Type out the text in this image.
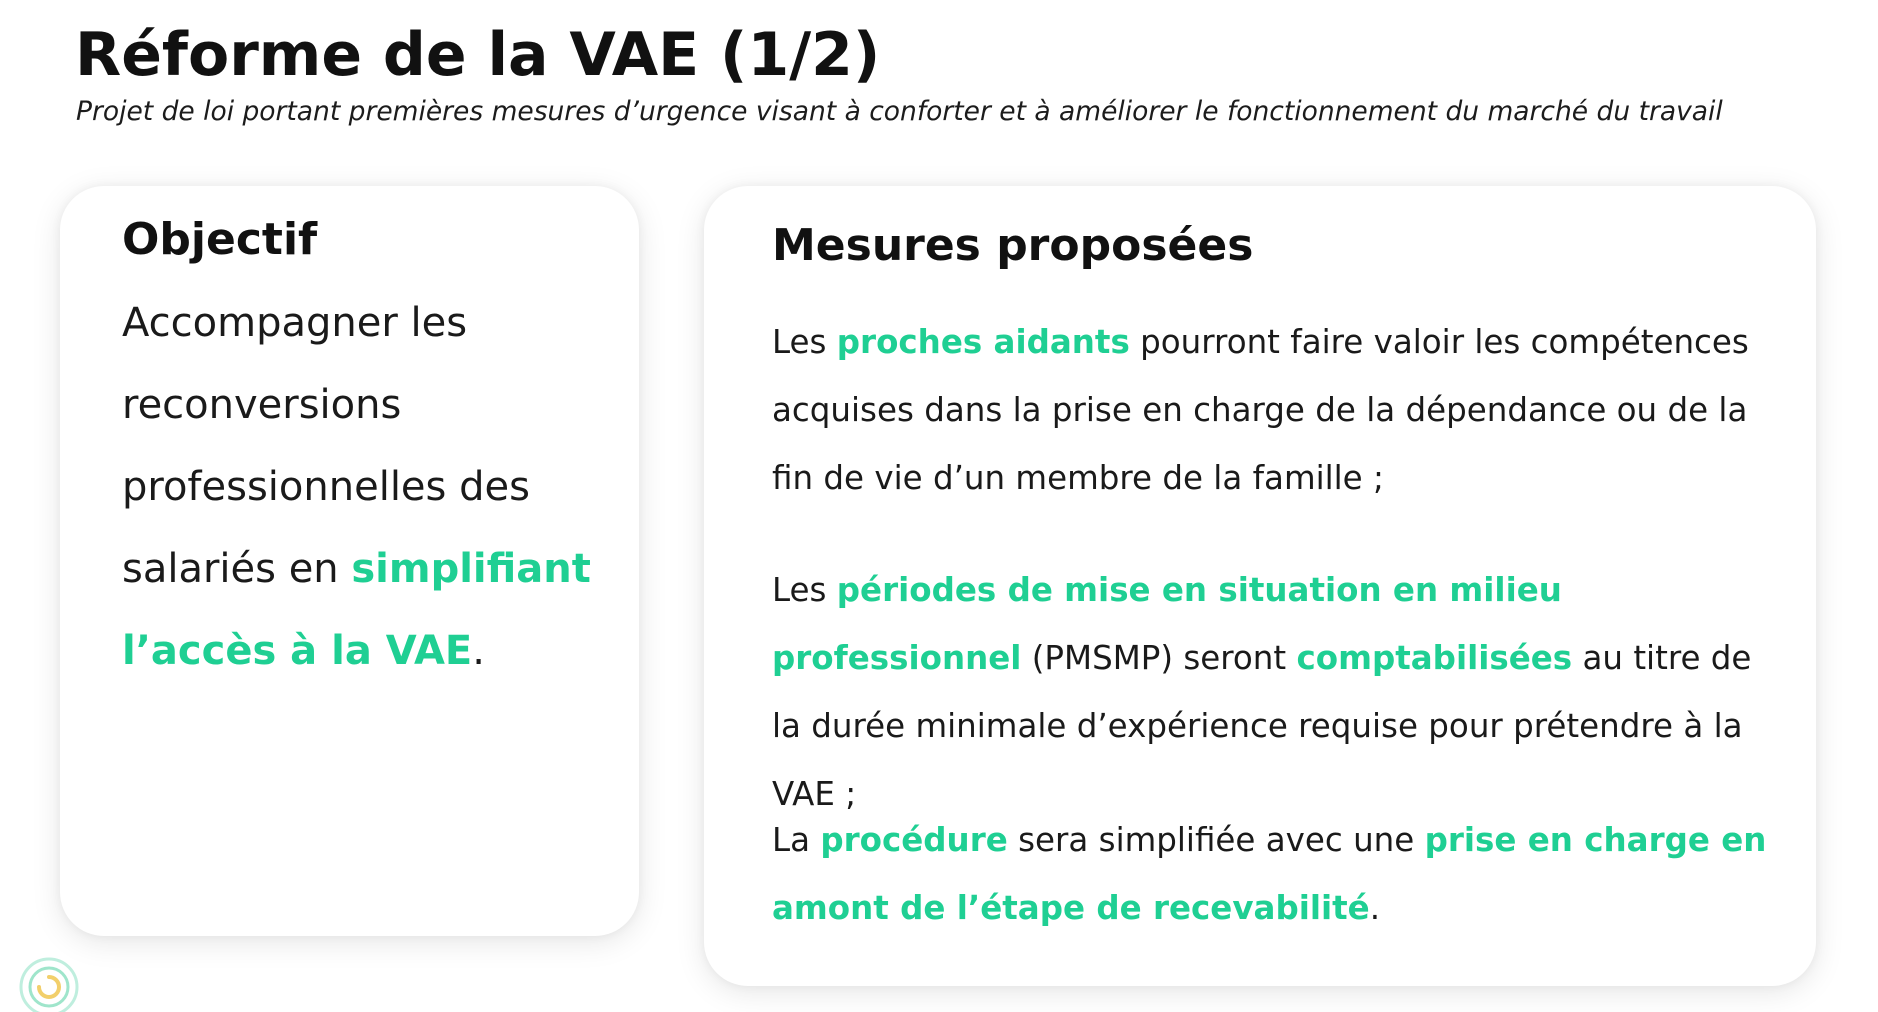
Réforme de la VAE (1/2)
Projet de loi portant premières mesures d’urgence visant à conforter et à améliorer le fonctionnement du marché du travail
Objectif
Accompagner les reconversions professionnelles des salariés en simplifiant l’accès à la VAE.
Mesures proposées
Les proches aidants pourront faire valoir les compétences acquises dans la prise en charge de la dépendance ou de la fin de vie d’un membre de la famille ;
Les périodes de mise en situation en milieu professionnel (PMSMP) seront comptabilisées au titre de la durée minimale d’expérience requise pour prétendre à la VAE ;
La procédure sera simplifiée avec une prise en charge en amont de l’étape de recevabilité.
